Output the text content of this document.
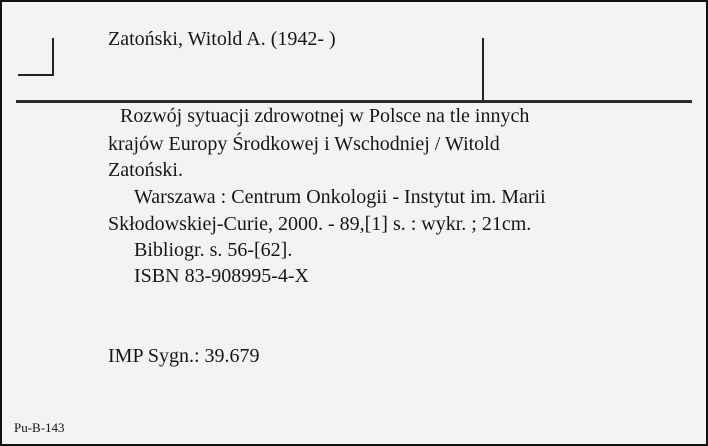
Zatoński, Witold A. (1942- )
Rozwój sytuacji zdrowotnej w Polsce na tle innych
krajów Europy Środkowej i Wschodniej / Witold
Zatoński.
Warszawa : Centrum Onkologii - Instytut im. Marii
Skłodowskiej-Curie, 2000. - 89,[1] s. : wykr. ; 21cm.
Bibliogr. s. 56-[62].
ISBN 83-908995-4-X
IMP Sygn.: 39.679
Pu-B-143
